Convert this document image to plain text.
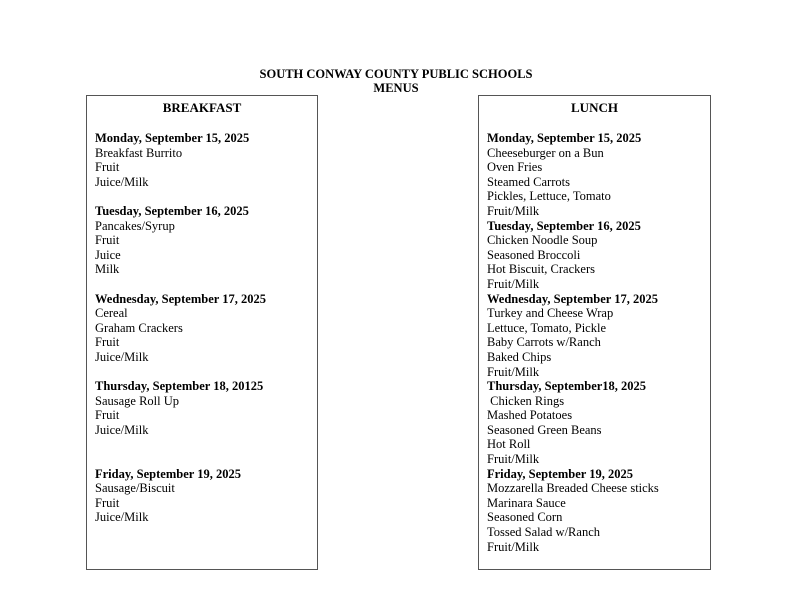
SOUTH CONWAY COUNTY PUBLIC SCHOOLS
MENUS
BREAKFAST
Monday, September 15, 2025
Breakfast Burrito
Fruit
Juice/Milk
Tuesday, September 16, 2025
Pancakes/Syrup
Fruit
Juice
Milk
Wednesday, September 17, 2025
Cereal
Graham Crackers
Fruit
Juice/Milk
Thursday, September 18, 20125
Sausage Roll Up
Fruit
Juice/Milk
Friday, September 19, 2025
Sausage/Biscuit
Fruit
Juice/Milk
LUNCH
Monday, September 15, 2025
Cheeseburger on a Bun
Oven Fries
Steamed Carrots
Pickles, Lettuce, Tomato
Fruit/Milk
Tuesday, September 16, 2025
Chicken Noodle Soup
Seasoned Broccoli
Hot Biscuit, Crackers
Fruit/Milk
Wednesday, September 17, 2025
Turkey and Cheese Wrap
Lettuce, Tomato, Pickle
Baby Carrots w/Ranch
Baked Chips
Fruit/Milk
Thursday, September18, 2025
Chicken Rings
Mashed Potatoes
Seasoned Green Beans
Hot Roll
Fruit/Milk
Friday, September 19, 2025
Mozzarella Breaded Cheese sticks
Marinara Sauce
Seasoned Corn
Tossed Salad w/Ranch
Fruit/Milk
